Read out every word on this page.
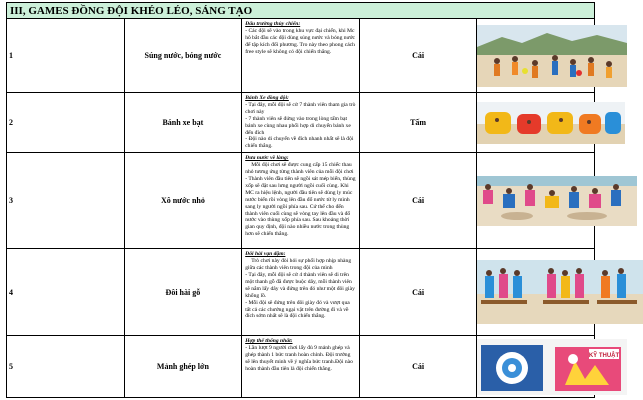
III, GAMES ĐỒNG ĐỘI KHÉO LÉO, SÁNG TẠO				
1	Súng nước, bóng nước	Đấu trường thủy chiến:
- Các đội sẽ vào trong khu vực đại chiến, khi Mc hô bắt đầu các đội dùng súng nước và bóng nước để tập kích đối phương. Tro này theo phong cách free style sẽ không có đội chiến thắng.	Cái	

2	Bánh xe bạt	Bánh Xe đồng đội:
- Tại đây, mỗi đội sẽ cử 7 thành viên tham gia trò chơi này
- 7 thành viên sẽ đứng vào trong lòng tấm bạt bánh xe cùng nhau phối hợp di chuyển bánh xe đến đích
- Đội nào di chuyển về đích nhanh nhất sẽ là đội chiến thắng.	Tấm	

3	Xô nước nhỏ	Đưa nước về làng:
Mỗi đội chơi sẽ được cung cấp 15 chiếc thau nhỏ tương ứng từng thành viên của mỗi đội chơi
- Thành viên đầu tiên sẽ ngồi sát mép biển, thùng xốp sẽ đặt sau lưng người ngồi cuối cùng. Khi MC ra hiệu lệnh, người đầu tiên sẽ dùng ly múc nước biển rồi vòng lên đầu đổ nước từ ly mình sang ly người ngồi phía sau. Cứ thế cho đến thành viên cuối cùng sẽ vòng tay lên đầu và đổ nước vào thùng xốp phía sau. Sau khoảng thời gian quy định, đội nào nhiều nước trong thùng hơn sẽ chiến thắng.	Cái	

4	Đôi hài gỗ	Đôi hài vạn dặm:
Trò chơi này đòi hỏi sự phối hợp nhịp nhàng giữa các thành viên trong đội của mình
- Tại đây, mỗi đội sẽ cử 4 thành viên sẽ di trên một thanh gỗ đã được buộc dây, mỗi thành viên sẽ nắm lấy dây và đứng trên đó như một đôi giày khổng lồ.
- Mỗi đội sẽ đứng trên đôi giày đó và vượt qua tất cả các chướng ngại vật trên đường đi và về đích sớm nhất sẽ là đội chiến thắng.	Cái	

5	Mảnh ghép lớn	Hợp thể thống nhất:
- Lần lượt 9 người chơi lấy đủ 9 mảnh ghép và ghép thành 1 bức tranh hoàn chỉnh. Đội trưởng sẽ lên thuyết minh về ý nghĩa bức tranh.Đội nào hoàn thành đầu tiên là đội chiến thắng.	Cái	KỸ THUẬT
